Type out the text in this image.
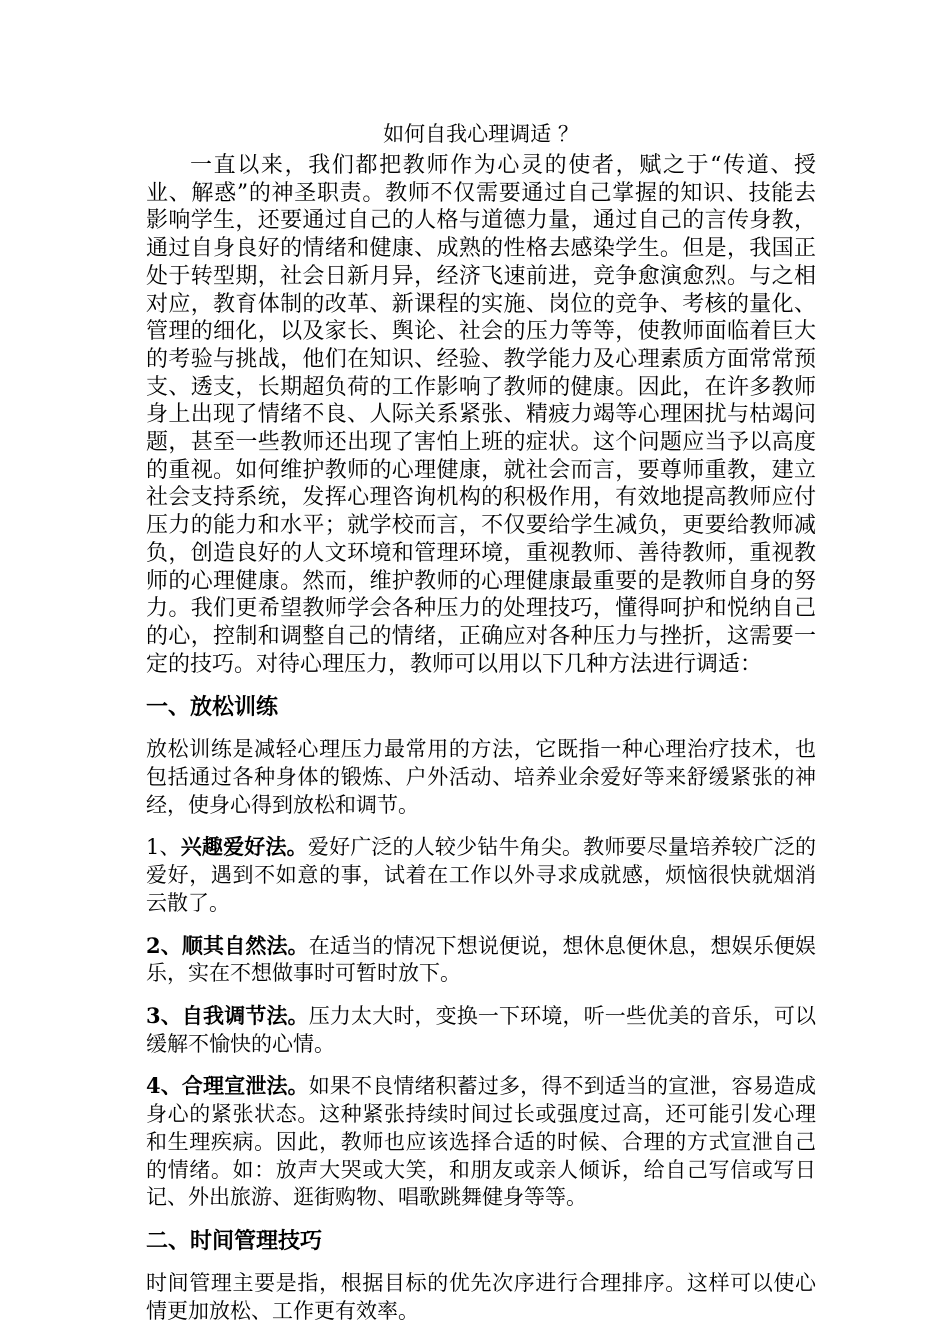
如何自我心理调适 ？

一直以来，我们都把教师作为心灵的使者，赋之于“传道、授业、解惑”的神圣职责。教师不仅需要通过自己掌握的知识、技能去影响学生，还要通过自己的人格与道德力量，通过自己的言传身教，通过自身良好的情绪和健康、成熟的性格去感染学生。但是，我国正处于转型期，社会日新月异，经济飞速前进，竞争愈演愈烈。与之相对应，教育体制的改革、新课程的实施、岗位的竞争、考核的量化、管理的细化，以及家长、舆论、社会的压力等等，使教师面临着巨大的考验与挑战，他们在知识、经验、教学能力及心理素质方面常常预支、透支，长期超负荷的工作影响了教师的健康。因此，在许多教师身上出现了情绪不良、人际关系紧张、精疲力竭等心理困扰与枯竭问题，甚至一些教师还出现了害怕上班的症状。这个问题应当予以高度的重视。如何维护教师的心理健康，就社会而言，要尊师重教，建立社会支持系统，发挥心理咨询机构的积极作用，有效地提高教师应付压力的能力和水平；就学校而言，不仅要给学生减负，更要给教师减负，创造良好的人文环境和管理环境，重视教师、善待教师，重视教师的心理健康。然而，维护教师的心理健康最重要的是教师自身的努力。我们更希望教师学会各种压力的处理技巧，懂得呵护和悦纳自己的心，控制和调整自己的情绪，正确应对各种压力与挫折，这需要一定的技巧。对待心理压力，教师可以用以下几种方法进行调适：

一、放松训练

放松训练是减轻心理压力最常用的方法，它既指一种心理治疗技术，也包括通过各种身体的锻炼、户外活动、培养业余爱好等来舒缓紧张的神经，使身心得到放松和调节。

1、兴趣爱好法。爱好广泛的人较少钻牛角尖。教师要尽量培养较广泛的爱好，遇到不如意的事，试着在工作以外寻求成就感，烦恼很快就烟消云散了。

2、顺其自然法。在适当的情况下想说便说，想休息便休息，想娱乐便娱乐，实在不想做事时可暂时放下。

3、自我调节法。压力太大时，变换一下环境，听一些优美的音乐，可以缓解不愉快的心情。

4、合理宣泄法。如果不良情绪积蓄过多，得不到适当的宣泄，容易造成身心的紧张状态。这种紧张持续时间过长或强度过高，还可能引发心理和生理疾病。因此，教师也应该选择合适的时候、合理的方式宣泄自己的情绪。如：放声大哭或大笑，和朋友或亲人倾诉，给自己写信或写日记、外出旅游、逛街购物、唱歌跳舞健身等等。

二、时间管理技巧

时间管理主要是指，根据目标的优先次序进行合理排序。这样可以使心情更加放松、工作更有效率。
